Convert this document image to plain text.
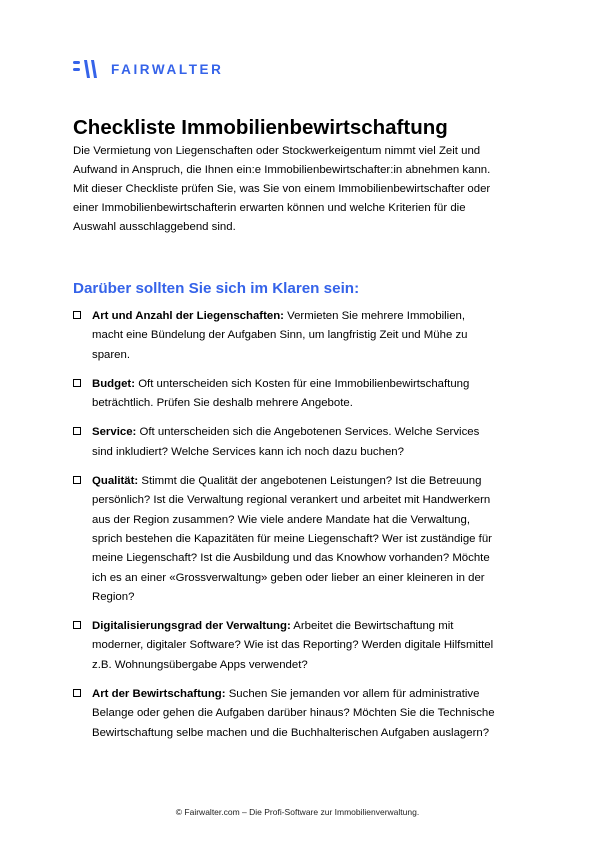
FAIRWALTER
Checkliste Immobilienbewirtschaftung

Die Vermietung von Liegenschaften oder Stockwerkeigentum nimmt viel Zeit und
Aufwand in Anspruch, die Ihnen ein:e Immobilienbewirtschafter:in abnehmen kann.
Mit dieser Checkliste prüfen Sie, was Sie von einem Immobilienbewirtschafter oder
einer Immobilienbewirtschafterin erwarten können und welche Kriterien für die
Auswahl ausschlaggebend sind.

Darüber sollten Sie sich im Klaren sein:
Art und Anzahl der Liegenschaften: Vermieten Sie mehrere Immobilien,
macht eine Bündelung der Aufgaben Sinn, um langfristig Zeit und Mühe zu
sparen.
Budget: Oft unterscheiden sich Kosten für eine Immobilienbewirtschaftung
beträchtlich. Prüfen Sie deshalb mehrere Angebote.
Service: Oft unterscheiden sich die Angebotenen Services. Welche Services
sind inkludiert? Welche Services kann ich noch dazu buchen?
Qualität: Stimmt die Qualität der angebotenen Leistungen? Ist die Betreuung
persönlich? Ist die Verwaltung regional verankert und arbeitet mit Handwerkern
aus der Region zusammen? Wie viele andere Mandate hat die Verwaltung,
sprich bestehen die Kapazitäten für meine Liegenschaft? Wer ist zuständige für
meine Liegenschaft? Ist die Ausbildung und das Knowhow vorhanden? Möchte
ich es an einer «Grossverwaltung» geben oder lieber an einer kleineren in der
Region?
Digitalisierungsgrad der Verwaltung: Arbeitet die Bewirtschaftung mit
moderner, digitaler Software? Wie ist das Reporting? Werden digitale Hilfsmittel
z.B. Wohnungsübergabe Apps verwendet?
Art der Bewirtschaftung: Suchen Sie jemanden vor allem für administrative
Belange oder gehen die Aufgaben darüber hinaus? Möchten Sie die Technische
Bewirtschaftung selbe machen und die Buchhalterischen Aufgaben auslagern?
© Fairwalter.com – Die Profi-Software zur Immobilienverwaltung.
